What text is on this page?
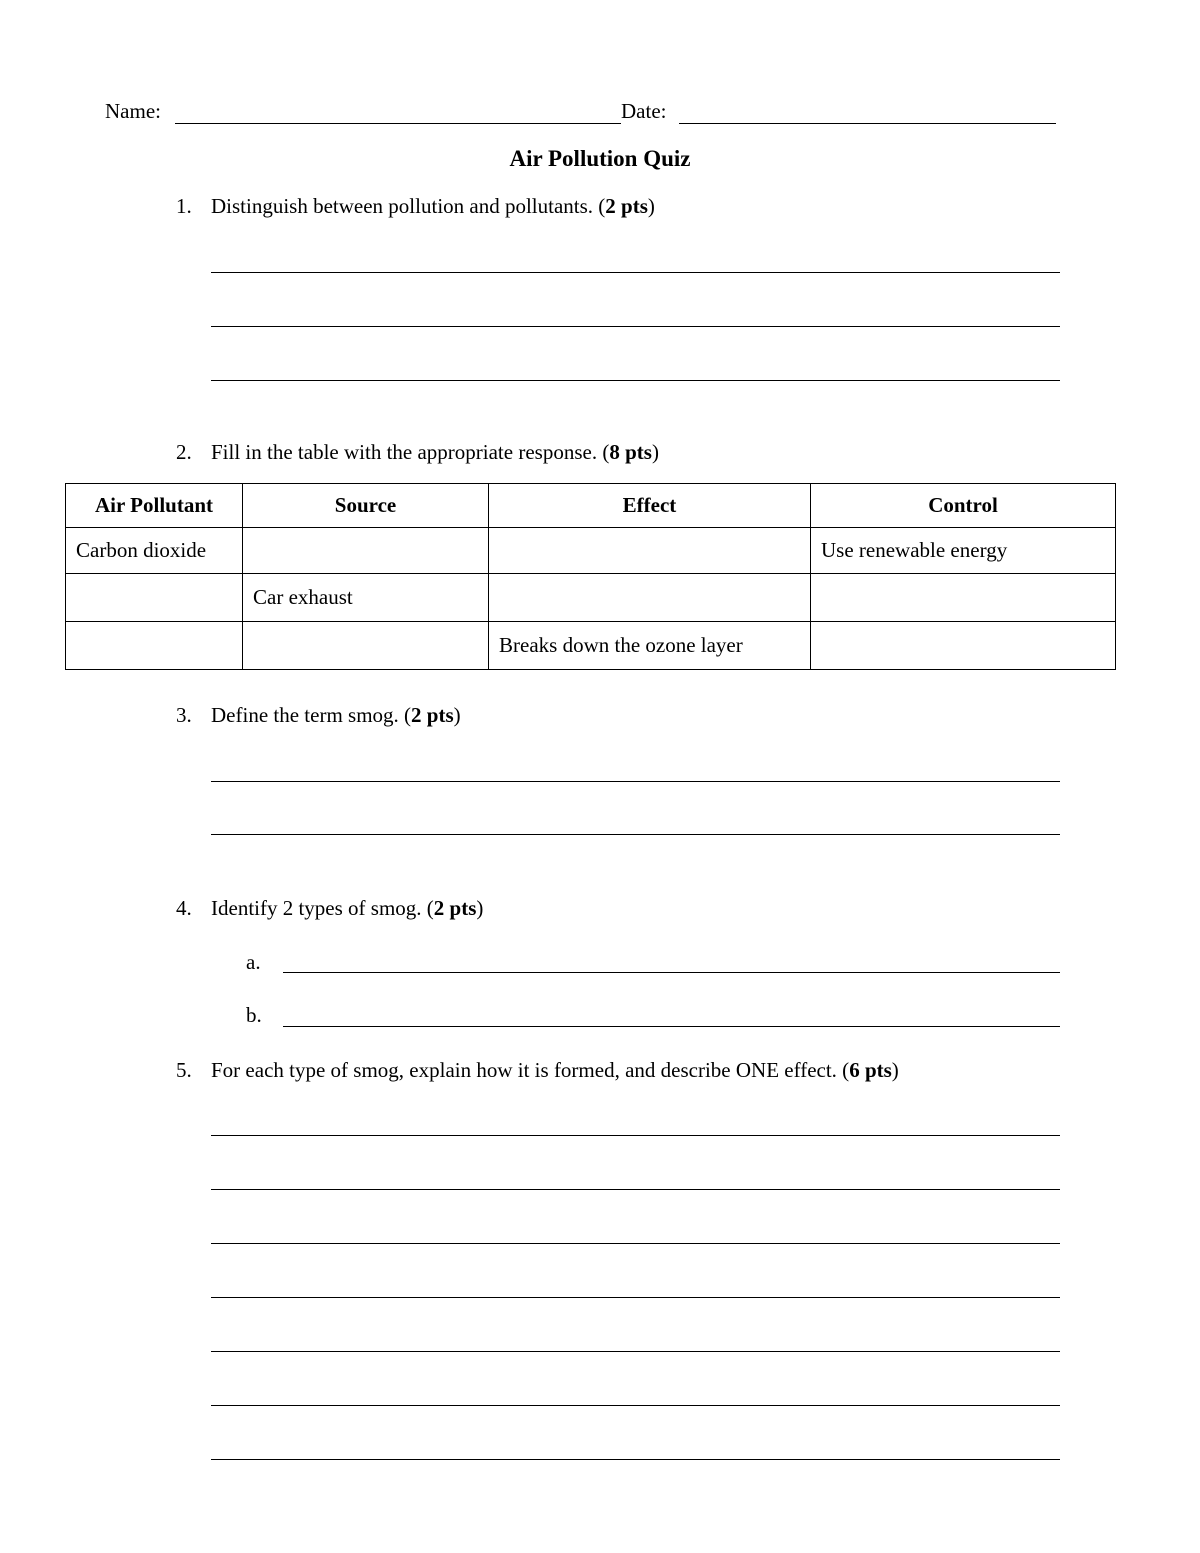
Name:	Date:
Air Pollution Quiz
1. Distinguish between pollution and pollutants. (2 pts)
2. Fill in the table with the appropriate response. (8 pts)
Air Pollutant	Source	Effect	Control
Carbon dioxide			Use renewable energy
	Car exhaust		
		Breaks down the ozone layer	
3. Define the term smog. (2 pts)
4. Identify 2 types of smog. (2 pts)
a.
b.
5. For each type of smog, explain how it is formed, and describe ONE effect. (6 pts)
